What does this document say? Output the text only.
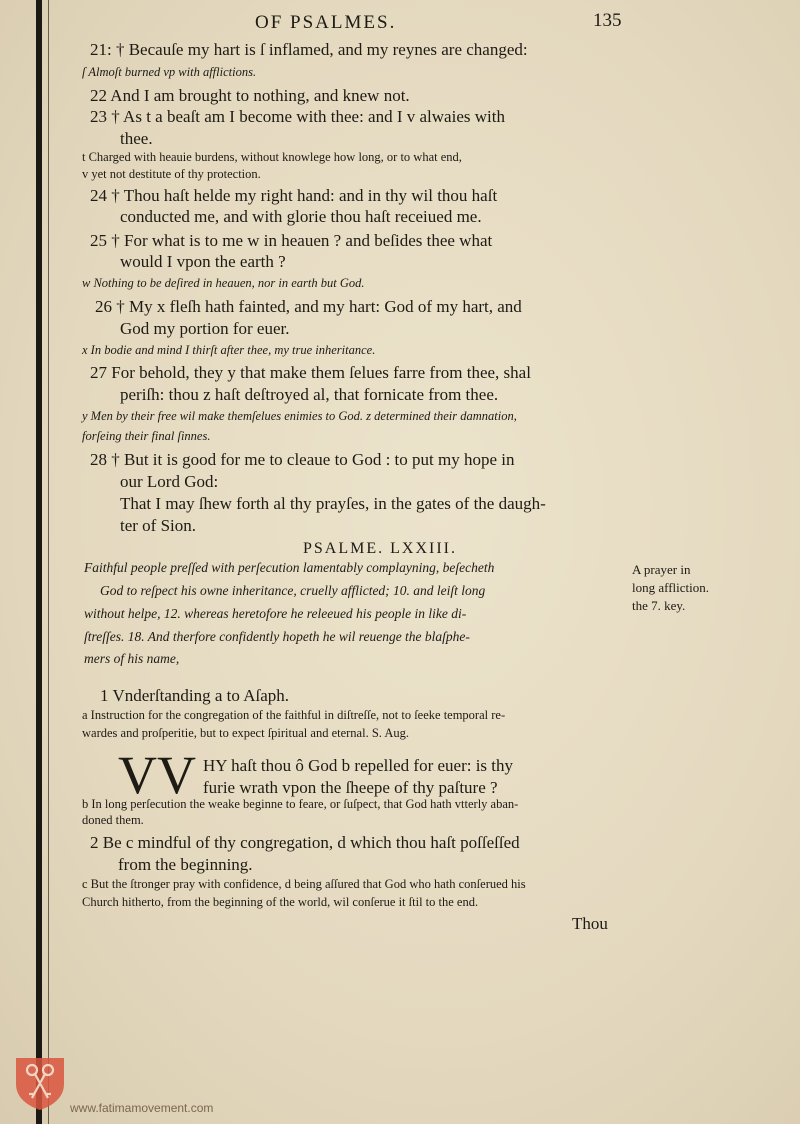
OF PSALMES.	135
21: † Becauſe my hart is ſ inflamed, and my reynes are changed:
ſ Almoſt burned vp with afflictions.
22 And I am brought to nothing, and knew not.
23 † As t a beaſt am I become with thee: and I v alwaies with
thee.
t Charged with heauie burdens, without knowlege how long, or to what end,
v yet not destitute of thy protection.
24 † Thou haſt helde my right hand: and in thy wil thou haſt
conducted me, and with glorie thou haſt receiued me.
25 † For what is to me w in heauen ? and beſides thee what
would I vpon the earth ?
w Nothing to be deſired in heauen, nor in earth but God.
26 † My x fleſh hath fainted, and my hart: God of my hart, and
God my portion for euer.
x In bodie and mind I thirſt after thee, my true inheritance.
27 For behold, they y that make them ſelues farre from thee, shal
periſh: thou z haſt deſtroyed al, that fornicate from thee.
y Men by their free wil make themſelues enimies to God. z determined their damnation,
forſeing their final ſinnes.
28 † But it is good for me to cleaue to God : to put my hope in
our Lord God:
That I may ſhew forth al thy prayſes, in the gates of the daugh-
ter of Sion.
PSALME. LXXIII.
Faithful people preſſed with perſecution lamentably complayning, beſecheth
God to reſpect his owne inheritance, cruelly afflicted; 10. and leiſt long
without helpe, 12. whereas heretofore he releeued his people in like di-
ſtreſſes. 18. And therfore confidently hopeth he wil reuenge the blaſphe-
mers of his name,
A prayer in
long affliction.
the 7. key.
1 Vnderſtanding a to Aſaph.
a Instruction for the congregation of the faithful in diſtreſſe, not to ſeeke temporal re-
wardes and proſperitie, but to expect ſpiritual and eternal. S. Aug.
VV HY haſt thou ô God b repelled for euer: is thy
furie wrath vpon the ſheepe of thy paſture ?
b In long perſecution the weake beginne to feare, or ſuſpect, that God hath vtterly aban-
doned them.
2 Be c mindful of thy congregation, d which thou haſt poſſeſſed
from the beginning.
c But the ſtronger pray with confidence, d being aſſured that God who hath conſerued his
Church hitherto, from the beginning of the world, wil conſerue it ſtil to the end.
Thou
www.fatimamovement.com
